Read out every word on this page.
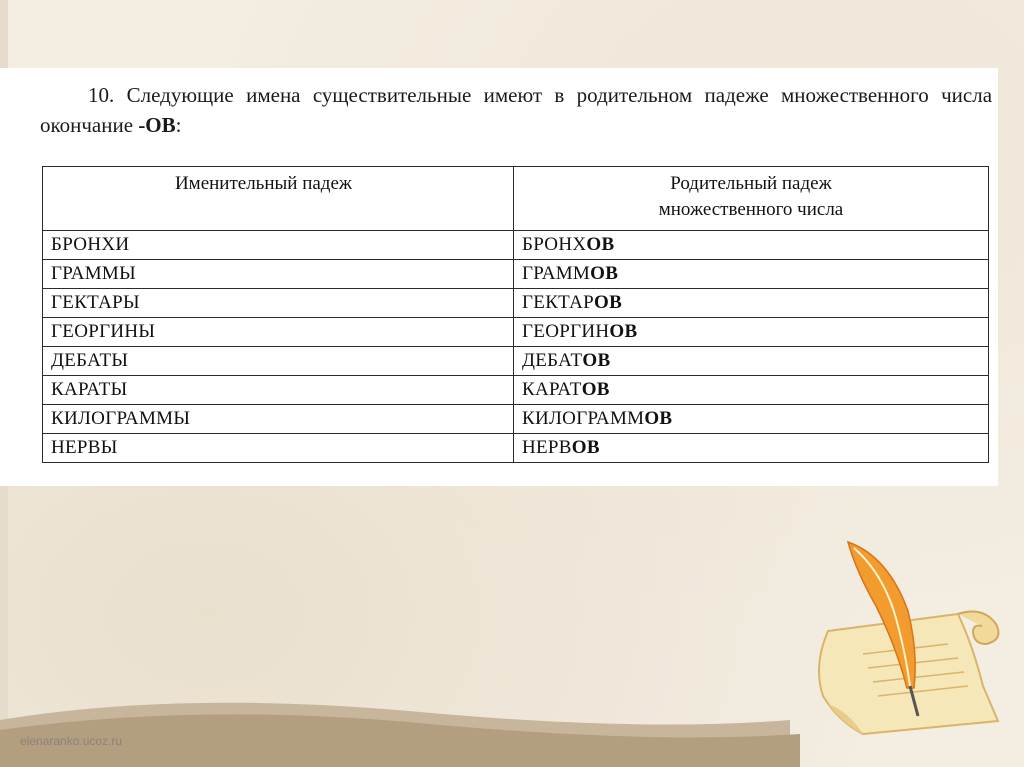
10. Следующие имена существительные имеют в родительном падеже множественного числа окончание -ОВ:
Именительный падеж	Родительный падеж
множественного числа
БРОНХИ	БРОНХОВ
ГРАММЫ	ГРАММОВ
ГЕКТАРЫ	ГЕКТАРОВ
ГЕОРГИНЫ	ГЕОРГИНОВ
ДЕБАТЫ	ДЕБАТОВ
КАРАТЫ	КАРАТОВ
КИЛОГРАММЫ	КИЛОГРАММОВ
НЕРВЫ	НЕРВОВ
elenaranko.ucoz.ru
